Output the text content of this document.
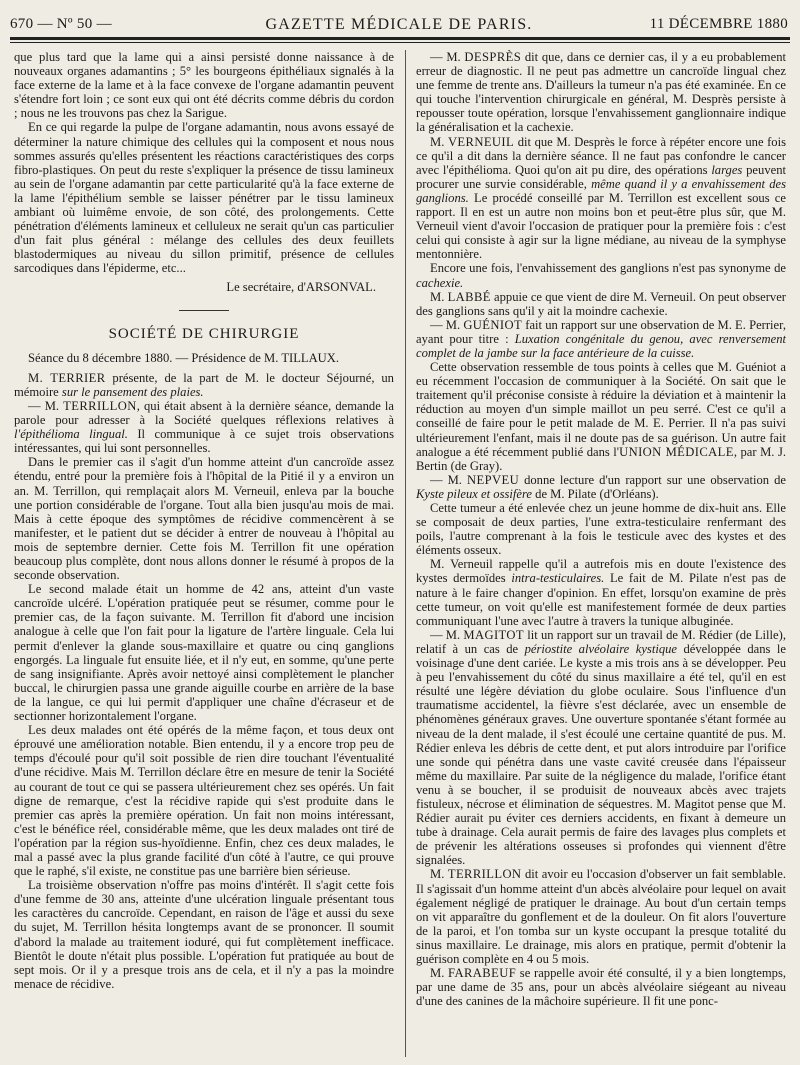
670 — Nº 50 —	GAZETTE MÉDICALE DE PARIS.	11 DÉCEMBRE 1880

que plus tard que la lame qui a ainsi persisté donne naissance à de nouveaux organes adamantins ; 5° les bourgeons épithéliaux signalés à la face externe de la lame et à la face convexe de l'organe adamantin peuvent s'étendre fort loin ; ce sont eux qui ont été décrits comme débris du cordon ; nous ne les trouvons pas chez la Sarigue.

En ce qui regarde la pulpe de l'organe adamantin, nous avons essayé de déterminer la nature chimique des cellules qui la composent et nous nous sommes assurés qu'elles présentent les réactions caractéristiques des corps fibro-plastiques. On peut du reste s'expliquer la présence de tissu lamineux au sein de l'organe adamantin par cette particularité qu'à la face externe de la lame l'épithélium semble se laisser pénétrer par le tissu lamineux ambiant où luimême envoie, de son côté, des prolongements. Cette pénétration d'éléments lamineux et celluleux ne serait qu'un cas particulier d'un fait plus général : mélange des cellules des deux feuillets blastodermiques au niveau du sillon primitif, présence de cellules sarcodiques dans l'épiderme, etc...

Le secrétaire, d'ARSONVAL.

SOCIÉTÉ DE CHIRURGIE

Séance du 8 décembre 1880. — Présidence de M. TILLAUX.

M. TERRIER présente, de la part de M. le docteur Séjourné, un mémoire sur le pansement des plaies.

— M. TERRILLON, qui était absent à la dernière séance, demande la parole pour adresser à la Société quelques réflexions relatives à l'épithélioma lingual. Il communique à ce sujet trois observations intéressantes, qui lui sont personnelles.

Dans le premier cas il s'agit d'un homme atteint d'un cancroïde assez étendu, entré pour la première fois à l'hôpital de la Pitié il y a environ un an. M. Terrillon, qui remplaçait alors M. Verneuil, enleva par la bouche une portion considérable de l'organe. Tout alla bien jusqu'au mois de mai. Mais à cette époque des symptômes de récidive commencèrent à se manifester, et le patient dut se décider à entrer de nouveau à l'hôpital au mois de septembre dernier. Cette fois M. Terrillon fit une opération beaucoup plus complète, dont nous allons donner le résumé à propos de la seconde observation.

Le second malade était un homme de 42 ans, atteint d'un vaste cancroïde ulcéré. L'opération pratiquée peut se résumer, comme pour le premier cas, de la façon suivante. M. Terrillon fit d'abord une incision analogue à celle que l'on fait pour la ligature de l'artère linguale. Cela lui permit d'enlever la glande sous-maxillaire et quatre ou cinq ganglions engorgés. La linguale fut ensuite liée, et il n'y eut, en somme, qu'une perte de sang insignifiante. Après avoir nettoyé ainsi complètement le plancher buccal, le chirurgien passa une grande aiguille courbe en arrière de la base de la langue, ce qui lui permit d'appliquer une chaîne d'écraseur et de sectionner horizontalement l'organe.

Les deux malades ont été opérés de la même façon, et tous deux ont éprouvé une amélioration notable. Bien entendu, il y a encore trop peu de temps d'écoulé pour qu'il soit possible de rien dire touchant l'éventualité d'une récidive. Mais M. Terrillon déclare être en mesure de tenir la Société au courant de tout ce qui se passera ultérieurement chez ses opérés. Un fait digne de remarque, c'est la récidive rapide qui s'est produite dans le premier cas après la première opération. Un fait non moins intéressant, c'est le bénéfice réel, considérable même, que les deux malades ont tiré de l'opération par la région sus-hyoïdienne. Enfin, chez ces deux malades, le mal a passé avec la plus grande facilité d'un côté à l'autre, ce qui prouve que le raphé, s'il existe, ne constitue pas une barrière bien sérieuse.

La troisième observation n'offre pas moins d'intérêt. Il s'agit cette fois d'une femme de 30 ans, atteinte d'une ulcération linguale présentant tous les caractères du cancroïde. Cependant, en raison de l'âge et aussi du sexe du sujet, M. Terrillon hésita longtemps avant de se prononcer. Il soumit d'abord la malade au traitement ioduré, qui fut complètement inefficace. Bientôt le doute n'était plus possible. L'opération fut pratiquée au bout de sept mois. Or il y a presque trois ans de cela, et il n'y a pas la moindre menace de récidive.

— M. DESPRÈS dit que, dans ce dernier cas, il y a eu probablement erreur de diagnostic. Il ne peut pas admettre un cancroïde lingual chez une femme de trente ans. D'ailleurs la tumeur n'a pas été examinée. En ce qui touche l'intervention chirurgicale en général, M. Desprès persiste à repousser toute opération, lorsque l'envahissement ganglionnaire indique la généralisation et la cachexie.

M. VERNEUIL dit que M. Desprès le force à répéter encore une fois ce qu'il a dit dans la dernière séance. Il ne faut pas confondre le cancer avec l'épithélioma. Quoi qu'on ait pu dire, des opérations larges peuvent procurer une survie considérable, même quand il y a envahissement des ganglions. Le procédé conseillé par M. Terrillon est excellent sous ce rapport. Il en est un autre non moins bon et peut-être plus sûr, que M. Verneuil vient d'avoir l'occasion de pratiquer pour la première fois : c'est celui qui consiste à agir sur la ligne médiane, au niveau de la symphyse mentonnière.

Encore une fois, l'envahissement des ganglions n'est pas synonyme de cachexie.

M. LABBÉ appuie ce que vient de dire M. Verneuil. On peut observer des ganglions sans qu'il y ait la moindre cachexie.

— M. GUÉNIOT fait un rapport sur une observation de M. E. Perrier, ayant pour titre : Luxation congénitale du genou, avec renversement complet de la jambe sur la face antérieure de la cuisse.

Cette observation ressemble de tous points à celles que M. Guéniot a eu récemment l'occasion de communiquer à la Société. On sait que le traitement qu'il préconise consiste à réduire la déviation et à maintenir la réduction au moyen d'un simple maillot un peu serré. C'est ce qu'il a conseillé de faire pour le petit malade de M. E. Perrier. Il n'a pas suivi ultérieurement l'enfant, mais il ne doute pas de sa guérison. Un autre fait analogue a été récemment publié dans l'UNION MÉDICALE, par M. J. Bertin (de Gray).

— M. NEPVEU donne lecture d'un rapport sur une observation de Kyste pileux et ossifère de M. Pilate (d'Orléans).

Cette tumeur a été enlevée chez un jeune homme de dix-huit ans. Elle se composait de deux parties, l'une extra-testiculaire renfermant des poils, l'autre comprenant à la fois le testicule avec des kystes et des éléments osseux.

M. Verneuil rappelle qu'il a autrefois mis en doute l'existence des kystes dermoïdes intra-testiculaires. Le fait de M. Pilate n'est pas de nature à le faire changer d'opinion. En effet, lorsqu'on examine de près cette tumeur, on voit qu'elle est manifestement formée de deux parties communiquant l'une avec l'autre à travers la tunique albuginée.

— M. MAGITOT lit un rapport sur un travail de M. Rédier (de Lille), relatif à un cas de périostite alvéolaire kystique développée dans le voisinage d'une dent cariée. Le kyste a mis trois ans à se développer. Peu à peu l'envahissement du côté du sinus maxillaire a été tel, qu'il en est résulté une légère déviation du globe oculaire. Sous l'influence d'un traumatisme accidentel, la fièvre s'est déclarée, avec un ensemble de phénomènes généraux graves. Une ouverture spontanée s'étant formée au niveau de la dent malade, il s'est écoulé une certaine quantité de pus. M. Rédier enleva les débris de cette dent, et put alors introduire par l'orifice une sonde qui pénétra dans une vaste cavité creusée dans l'épaisseur même du maxillaire. Par suite de la négligence du malade, l'orifice étant venu à se boucher, il se produisit de nouveaux abcès avec trajets fistuleux, nécrose et élimination de séquestres. M. Magitot pense que M. Rédier aurait pu éviter ces derniers accidents, en fixant à demeure un tube à drainage. Cela aurait permis de faire des lavages plus complets et de prévenir les altérations osseuses si profondes qui viennent d'être signalées.

M. TERRILLON dit avoir eu l'occasion d'observer un fait semblable. Il s'agissait d'un homme atteint d'un abcès alvéolaire pour lequel on avait également négligé de pratiquer le drainage. Au bout d'un certain temps on vit apparaître du gonflement et de la douleur. On fit alors l'ouverture de la paroi, et l'on tomba sur un kyste occupant la presque totalité du sinus maxillaire. Le drainage, mis alors en pratique, permit d'obtenir la guérison complète en 4 ou 5 mois.

M. FARABEUF se rappelle avoir été consulté, il y a bien longtemps, par une dame de 35 ans, pour un abcès alvéolaire siégeant au niveau d'une des canines de la mâchoire supérieure. Il fit une ponc-
